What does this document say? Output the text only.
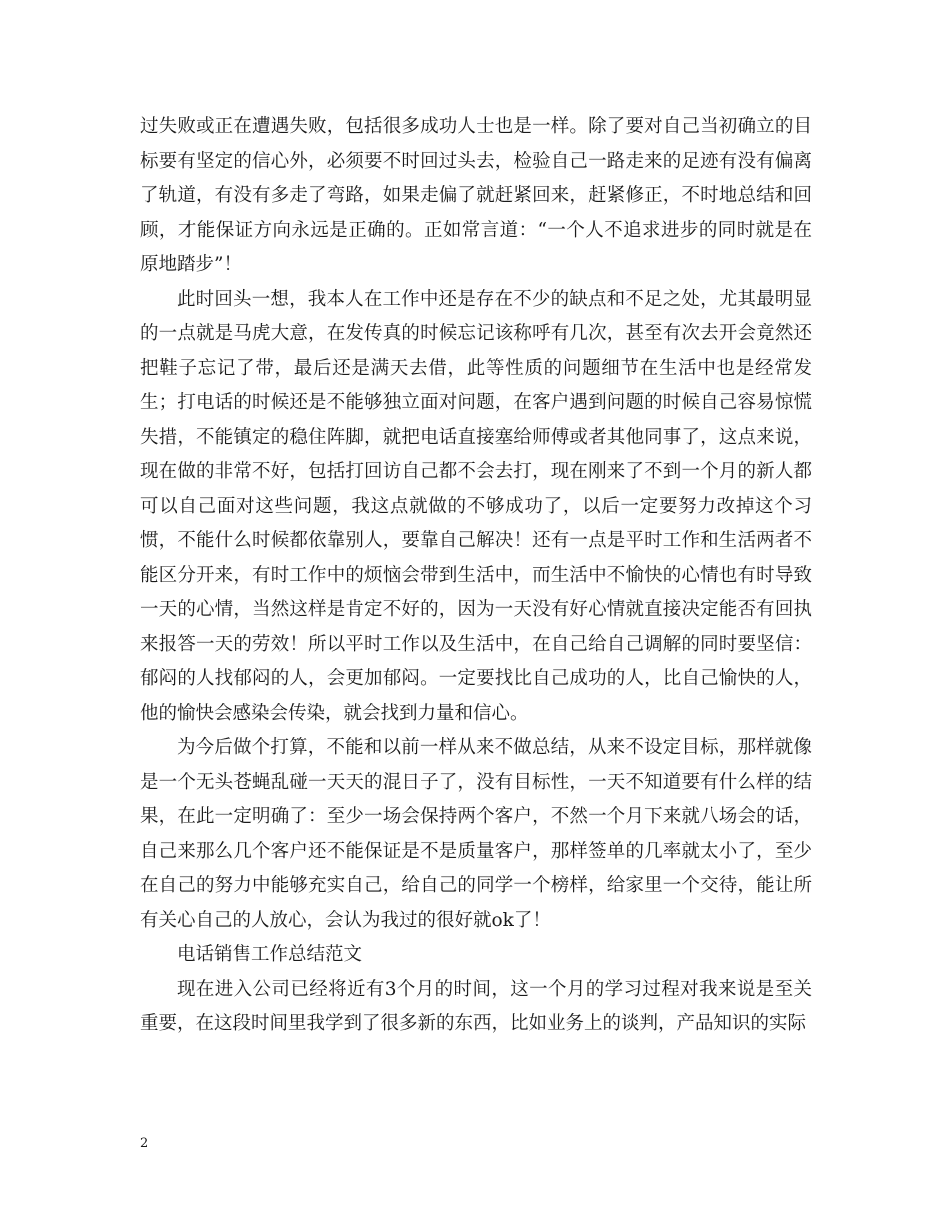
过失败或正在遭遇失败，包括很多成功人士也是一样。除了要对自己当初确立的目标要有坚定的信心外，必须要不时回过头去，检验自己一路走来的足迹有没有偏离了轨道，有没有多走了弯路，如果走偏了就赶紧回来，赶紧修正，不时地总结和回顾，才能保证方向永远是正确的。正如常言道：“一个人不追求进步的同时就是在原地踏步”！

此时回头一想，我本人在工作中还是存在不少的缺点和不足之处，尤其最明显的一点就是马虎大意，在发传真的时候忘记该称呼有几次，甚至有次去开会竟然还把鞋子忘记了带，最后还是满天去借，此等性质的问题细节在生活中也是经常发生；打电话的时候还是不能够独立面对问题，在客户遇到问题的时候自己容易惊慌失措，不能镇定的稳住阵脚，就把电话直接塞给师傅或者其他同事了，这点来说，现在做的非常不好，包括打回访自己都不会去打，现在刚来了不到一个月的新人都可以自己面对这些问题，我这点就做的不够成功了，以后一定要努力改掉这个习惯，不能什么时候都依靠别人，要靠自己解决！还有一点是平时工作和生活两者不能区分开来，有时工作中的烦恼会带到生活中，而生活中不愉快的心情也有时导致一天的心情，当然这样是肯定不好的，因为一天没有好心情就直接决定能否有回执来报答一天的劳效！所以平时工作以及生活中，在自己给自己调解的同时要坚信：郁闷的人找郁闷的人，会更加郁闷。一定要找比自己成功的人，比自己愉快的人，他的愉快会感染会传染，就会找到力量和信心。

为今后做个打算，不能和以前一样从来不做总结，从来不设定目标，那样就像是一个无头苍蝇乱碰一天天的混日子了，没有目标性，一天不知道要有什么样的结果，在此一定明确了：至少一场会保持两个客户，不然一个月下来就八场会的话，自己来那么几个客户还不能保证是不是质量客户，那样签单的几率就太小了，至少在自己的努力中能够充实自己，给自己的同学一个榜样，给家里一个交待，能让所有关心自己的人放心，会认为我过的很好就ok了！

电话销售工作总结范文

现在进入公司已经将近有3个月的时间，这一个月的学习过程对我来说是至关重要，在这段时间里我学到了很多新的东西，比如业务上的谈判，产品知识的实际

2
